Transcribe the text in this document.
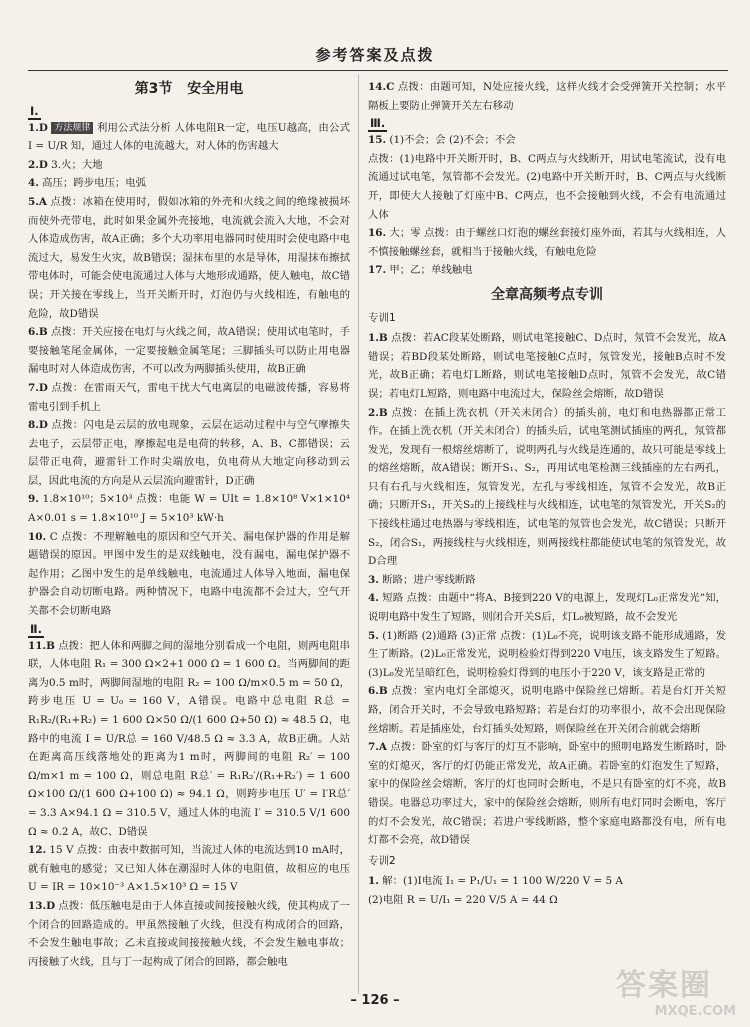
参考答案及点拨
第3节 安全用电
Ⅰ.

1.D 方法规律 利用公式法分析 人体电阻R一定，电压U越高，由公式 I = U/R 知，通过人体的电流越大，对人体的伤害越大

2.D 3.火；大地

4. 高压；跨步电压；电弧

5.A 点拨：冰箱在使用时，假如冰箱的外壳和火线之间的绝缘被损坏而使外壳带电，此时如果金属外壳接地，电流就会流入大地，不会对人体造成伤害，故A正确；多个大功率用电器同时使用时会使电路中电流过大，易发生火灾，故B错误；湿抹布里的水是导体，用湿抹布擦拭带电体时，可能会使电流通过人体与大地形成通路，使人触电，故C错误；开关接在零线上，当开关断开时，灯泡仍与火线相连，有触电的危险，故D错误

6.B 点拨：开关应接在电灯与火线之间，故A错误；使用试电笔时，手要接触笔尾金属体，一定要接触金属笔尾；三脚插头可以防止用电器漏电时对人体造成伤害，不可以改为两脚插头使用，故B正确

7.D 点拨：在雷雨天气，雷电干扰大气电离层的电磁波传播，容易将雷电引到手机上

8.D 点拨：闪电是云层的放电现象，云层在运动过程中与空气摩擦失去电子，云层带正电，摩擦起电是电荷的转移，A、B、C都错误；云层带正电荷，避雷针工作时尖端放电，负电荷从大地定向移动到云层，因此电流的方向是从云层流向避雷针，D正确

9. 1.8×10¹⁰；5×10³ 点拨：电能 W = UIt = 1.8×10⁸ V×1×10⁴ A×0.01 s = 1.8×10¹⁰ J = 5×10³ kW·h

10. C 点拨：不理解触电的原因和空气开关、漏电保护器的作用是解题错误的原因。甲图中发生的是双线触电，没有漏电，漏电保护器不起作用；乙图中发生的是单线触电，电流通过人体导入地面，漏电保护器会自动切断电路。两种情况下，电路中电流都不会过大，空气开关都不会切断电路

Ⅱ.

11.B 点拨：把人体和两脚之间的湿地分别看成一个电阻，则两电阻串联，人体电阻 R₁ = 300 Ω×2+1 000 Ω = 1 600 Ω。当两脚间的距离为0.5 m时，两脚间湿地的电阻 R₂ = 100 Ω/m×0.5 m = 50 Ω，跨步电压 U = U₀ = 160 V，A错误。电路中总电阻 R总 = R₁R₂/(R₁+R₂) = 1 600 Ω×50 Ω/(1 600 Ω+50 Ω) ≈ 48.5 Ω，电路中的电流 I = U/R总 = 160 V/48.5 Ω ≈ 3.3 A，故B正确。人站在距离高压线落地处的距离为1 m时，两脚间的电阻 R₂′ = 100 Ω/m×1 m = 100 Ω，则总电阻 R总′ = R₁R₂′/(R₁+R₂′) = 1 600 Ω×100 Ω/(1 600 Ω+100 Ω) ≈ 94.1 Ω，则跨步电压 U′ = I′R总′ = 3.3 A×94.1 Ω = 310.5 V，通过人体的电流 I′ = 310.5 V/1 600 Ω ≈ 0.2 A，故C、D错误

12. 15 V 点拨：由表中数据可知，当流过人体的电流达到10 mA时，就有触电的感觉；又已知人体在潮湿时人体的电阻值，故相应的电压 U = IR = 10×10⁻³ A×1.5×10³ Ω = 15 V

13.D 点拨：低压触电是由于人体直接或间接接触火线，使其构成了一个闭合的回路造成的。甲虽然接触了火线，但没有构成闭合的回路，不会发生触电事故；乙未直接或间接接触火线，不会发生触电事故；丙接触了火线，且与丁一起构成了闭合的回路，都会触电

14.C 点拨：由题可知，N处应接火线，这样火线才会受弹簧开关控制；水平隔板上要防止弹簧开关左右移动

Ⅲ.

15. (1)不会；会 (2)不会；不会

点拨：(1)电路中开关断开时，B、C两点与火线断开，用试电笔流试，没有电流通过试电笔，氖管都不会发光。(2)电路中开关断开时，B、C两点与火线断开，即使大人接触了灯座中B、C两点，也不会接触到火线，不会有电流通过人体

16. 大；零 点拨：由于螺丝口灯泡的螺丝套接灯座外面，若其与火线相连，人不慎接触螺丝套，就相当于接触火线，有触电危险

17. 甲；乙；单线触电

全章高频考点专训
专训1

1.B 点拨：若AC段某处断路，则试电笔接触C、D点时，氖管不会发光，故A错误；若BD段某处断路，则试电笔接触C点时，氖管发光，接触B点时不发光，故B正确；若电灯L断路，则试电笔接触D点时，氖管不会发光，故C错误；若电灯L短路，则电路中电流过大，保险丝会熔断，故D错误

2.B 点拨：在插上洗衣机（开关未闭合）的插头前，电灯和电热器都正常工作。在插上洗衣机（开关未闭合）的插头后，试电笔测试插座的两孔，氖管都发光，发现有一根熔丝熔断了，说明两孔与火线是连通的，故只可能是零线上的熔丝熔断，故A错误；断开S₁、S₂，再用试电笔检测三线插座的左右两孔，只有右孔与火线相连，氖管发光，左孔与零线相连，氖管不会发光，故B正确；只断开S₁，开关S₂的上接线柱与火线相连，试电笔的氖管发光，开关S₂的下接线柱通过电热器与零线相连，试电笔的氖管也会发光，故C错误；只断开S₂，闭合S₁，两接线柱与火线相连，则两接线柱都能使试电笔的氖管发光，故D合理

3. 断路；进户零线断路

4. 短路 点拨：由题中“将A、B接到220 V的电源上，发现灯L₀正常发光”知，说明电路中发生了短路，则闭合开关S后，灯L₀被短路，故不会发光

5. (1)断路 (2)通路 (3)正常 点拨：(1)L₀不亮，说明该支路不能形成通路，发生了断路。(2)L₀正常发光，说明检验灯得到220 V电压，该支路发生了短路。(3)L₀发光呈暗红色，说明检验灯得到的电压小于220 V，该支路是正常的

6.B 点拨：室内电灯全部熄灭，说明电路中保险丝已熔断。若是台灯开关短路，闭合开关时，不会导致电路短路；若是台灯的功率很小，故不会出现保险丝熔断。若是插座处，台灯插头处短路，则保险丝在开关闭合前就会熔断

7.A 点拨：卧室的灯与客厅的灯互不影响，卧室中的照明电路发生断路时，卧室的灯熄灭，客厅的灯仍能正常发光，故A正确。若卧室的灯泡发生了短路，家中的保险丝会熔断，客厅的灯也同时会断电，不是只有卧室的灯不亮，故B错误。电器总功率过大，家中的保险丝会熔断，则所有电灯同时会断电，客厅的灯不会发光，故C错误；若进户零线断路，整个家庭电路都没有电，所有电灯都不会亮，故D错误

专训2

1. 解：(1)I电流 I₁ = P₁/U₁ = 1 100 W/220 V = 5 A

(2)电阻 R = U/I₁ = 220 V/5 A = 44 Ω

– 126 –	答案圈
MXQE.COM
